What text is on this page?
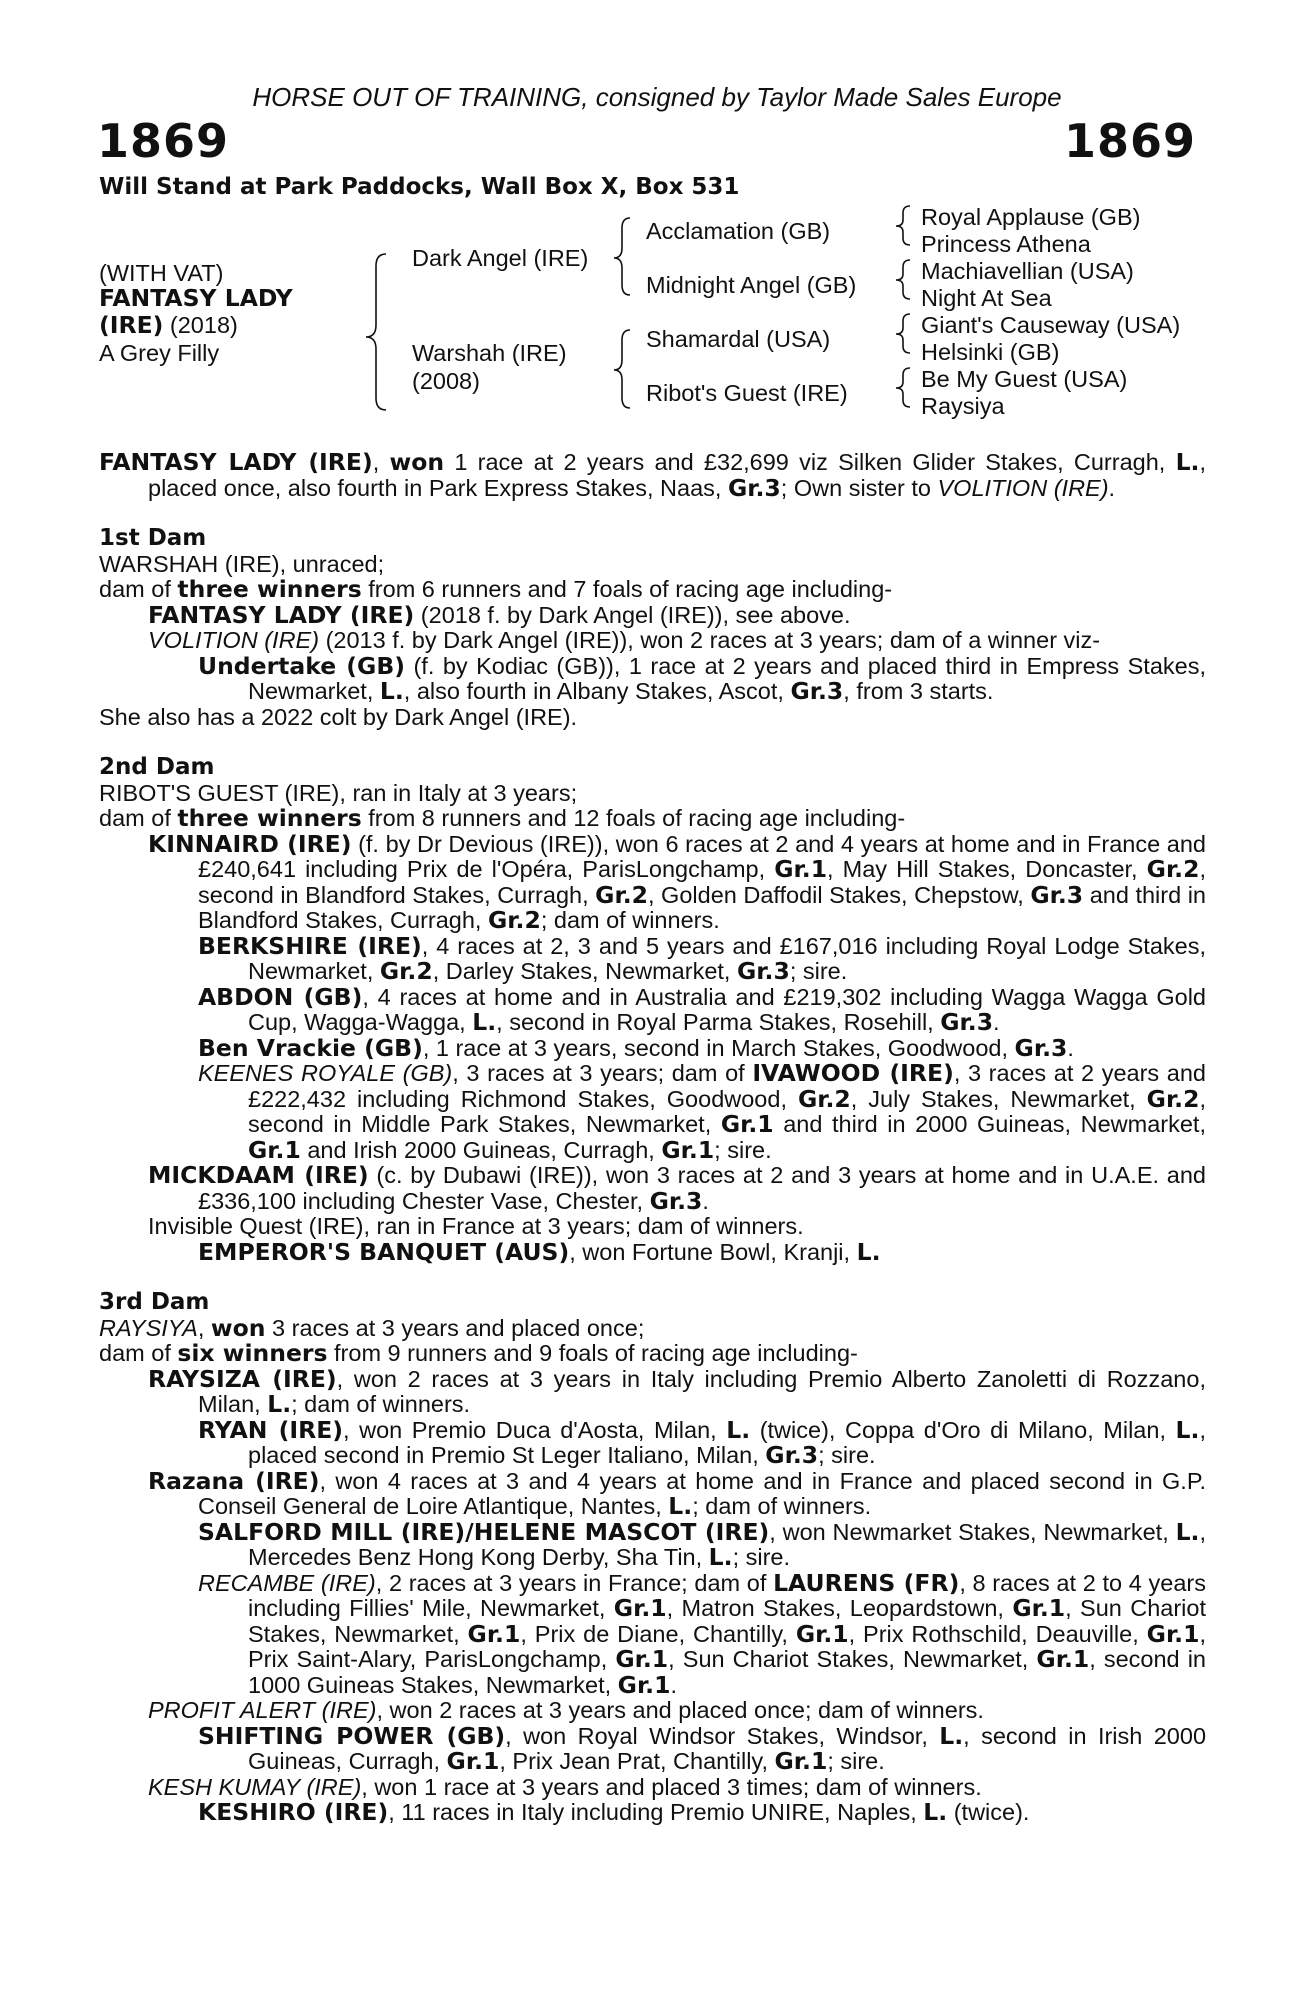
HORSE OUT OF TRAINING, consigned by Taylor Made Sales Europe
1869	1869
Will Stand at Park Paddocks, Wall Box X, Box 531
(WITH VAT)
FANTASY LADY
(IRE) (2018)
A Grey Filly
Dark Angel (IRE)
Warshah (IRE)
(2008)
Acclamation (GB)
Midnight Angel (GB)
Shamardal (USA)
Ribot's Guest (IRE)
Royal Applause (GB)
Princess Athena
Machiavellian (USA)
Night At Sea
Giant's Causeway (USA)
Helsinki (GB)
Be My Guest (USA)
Raysiya
FANTASY LADY (IRE), won 1 race at 2 years and £32,699 viz Silken Glider Stakes, Curragh, L., placed once, also fourth in Park Express Stakes, Naas, Gr.3; Own sister to VOLITION (IRE).
1st Dam
WARSHAH (IRE), unraced;
dam of three winners from 6 runners and 7 foals of racing age including-
FANTASY LADY (IRE) (2018 f. by Dark Angel (IRE)), see above.
VOLITION (IRE) (2013 f. by Dark Angel (IRE)), won 2 races at 3 years; dam of a winner viz-
Undertake (GB) (f. by Kodiac (GB)), 1 race at 2 years and placed third in Empress Stakes, Newmarket, L., also fourth in Albany Stakes, Ascot, Gr.3, from 3 starts.
She also has a 2022 colt by Dark Angel (IRE).
2nd Dam
RIBOT'S GUEST (IRE), ran in Italy at 3 years;
dam of three winners from 8 runners and 12 foals of racing age including-
KINNAIRD (IRE) (f. by Dr Devious (IRE)), won 6 races at 2 and 4 years at home and in France and £240,641 including Prix de l'Opéra, ParisLongchamp, Gr.1, May Hill Stakes, Doncaster, Gr.2, second in Blandford Stakes, Curragh, Gr.2, Golden Daffodil Stakes, Chepstow, Gr.3 and third in Blandford Stakes, Curragh, Gr.2; dam of winners.
BERKSHIRE (IRE), 4 races at 2, 3 and 5 years and £167,016 including Royal Lodge Stakes, Newmarket, Gr.2, Darley Stakes, Newmarket, Gr.3; sire.
ABDON (GB), 4 races at home and in Australia and £219,302 including Wagga Wagga Gold Cup, Wagga-Wagga, L., second in Royal Parma Stakes, Rosehill, Gr.3.
Ben Vrackie (GB), 1 race at 3 years, second in March Stakes, Goodwood, Gr.3.
KEENES ROYALE (GB), 3 races at 3 years; dam of IVAWOOD (IRE), 3 races at 2 years and £222,432 including Richmond Stakes, Goodwood, Gr.2, July Stakes, Newmarket, Gr.2, second in Middle Park Stakes, Newmarket, Gr.1 and third in 2000 Guineas, Newmarket, Gr.1 and Irish 2000 Guineas, Curragh, Gr.1; sire.
MICKDAAM (IRE) (c. by Dubawi (IRE)), won 3 races at 2 and 3 years at home and in U.A.E. and £336,100 including Chester Vase, Chester, Gr.3.
Invisible Quest (IRE), ran in France at 3 years; dam of winners.
EMPEROR'S BANQUET (AUS), won Fortune Bowl, Kranji, L.
3rd Dam
RAYSIYA, won 3 races at 3 years and placed once;
dam of six winners from 9 runners and 9 foals of racing age including-
RAYSIZA (IRE), won 2 races at 3 years in Italy including Premio Alberto Zanoletti di Rozzano, Milan, L.; dam of winners.
RYAN (IRE), won Premio Duca d'Aosta, Milan, L. (twice), Coppa d'Oro di Milano, Milan, L., placed second in Premio St Leger Italiano, Milan, Gr.3; sire.
Razana (IRE), won 4 races at 3 and 4 years at home and in France and placed second in G.P. Conseil General de Loire Atlantique, Nantes, L.; dam of winners.
SALFORD MILL (IRE)/HELENE MASCOT (IRE), won Newmarket Stakes, Newmarket, L., Mercedes Benz Hong Kong Derby, Sha Tin, L.; sire.
RECAMBE (IRE), 2 races at 3 years in France; dam of LAURENS (FR), 8 races at 2 to 4 years including Fillies' Mile, Newmarket, Gr.1, Matron Stakes, Leopardstown, Gr.1, Sun Chariot Stakes, Newmarket, Gr.1, Prix de Diane, Chantilly, Gr.1, Prix Rothschild, Deauville, Gr.1, Prix Saint-Alary, ParisLongchamp, Gr.1, Sun Chariot Stakes, Newmarket, Gr.1, second in 1000 Guineas Stakes, Newmarket, Gr.1.
PROFIT ALERT (IRE), won 2 races at 3 years and placed once; dam of winners.
SHIFTING POWER (GB), won Royal Windsor Stakes, Windsor, L., second in Irish 2000 Guineas, Curragh, Gr.1, Prix Jean Prat, Chantilly, Gr.1; sire.
KESH KUMAY (IRE), won 1 race at 3 years and placed 3 times; dam of winners.
KESHIRO (IRE), 11 races in Italy including Premio UNIRE, Naples, L. (twice).
